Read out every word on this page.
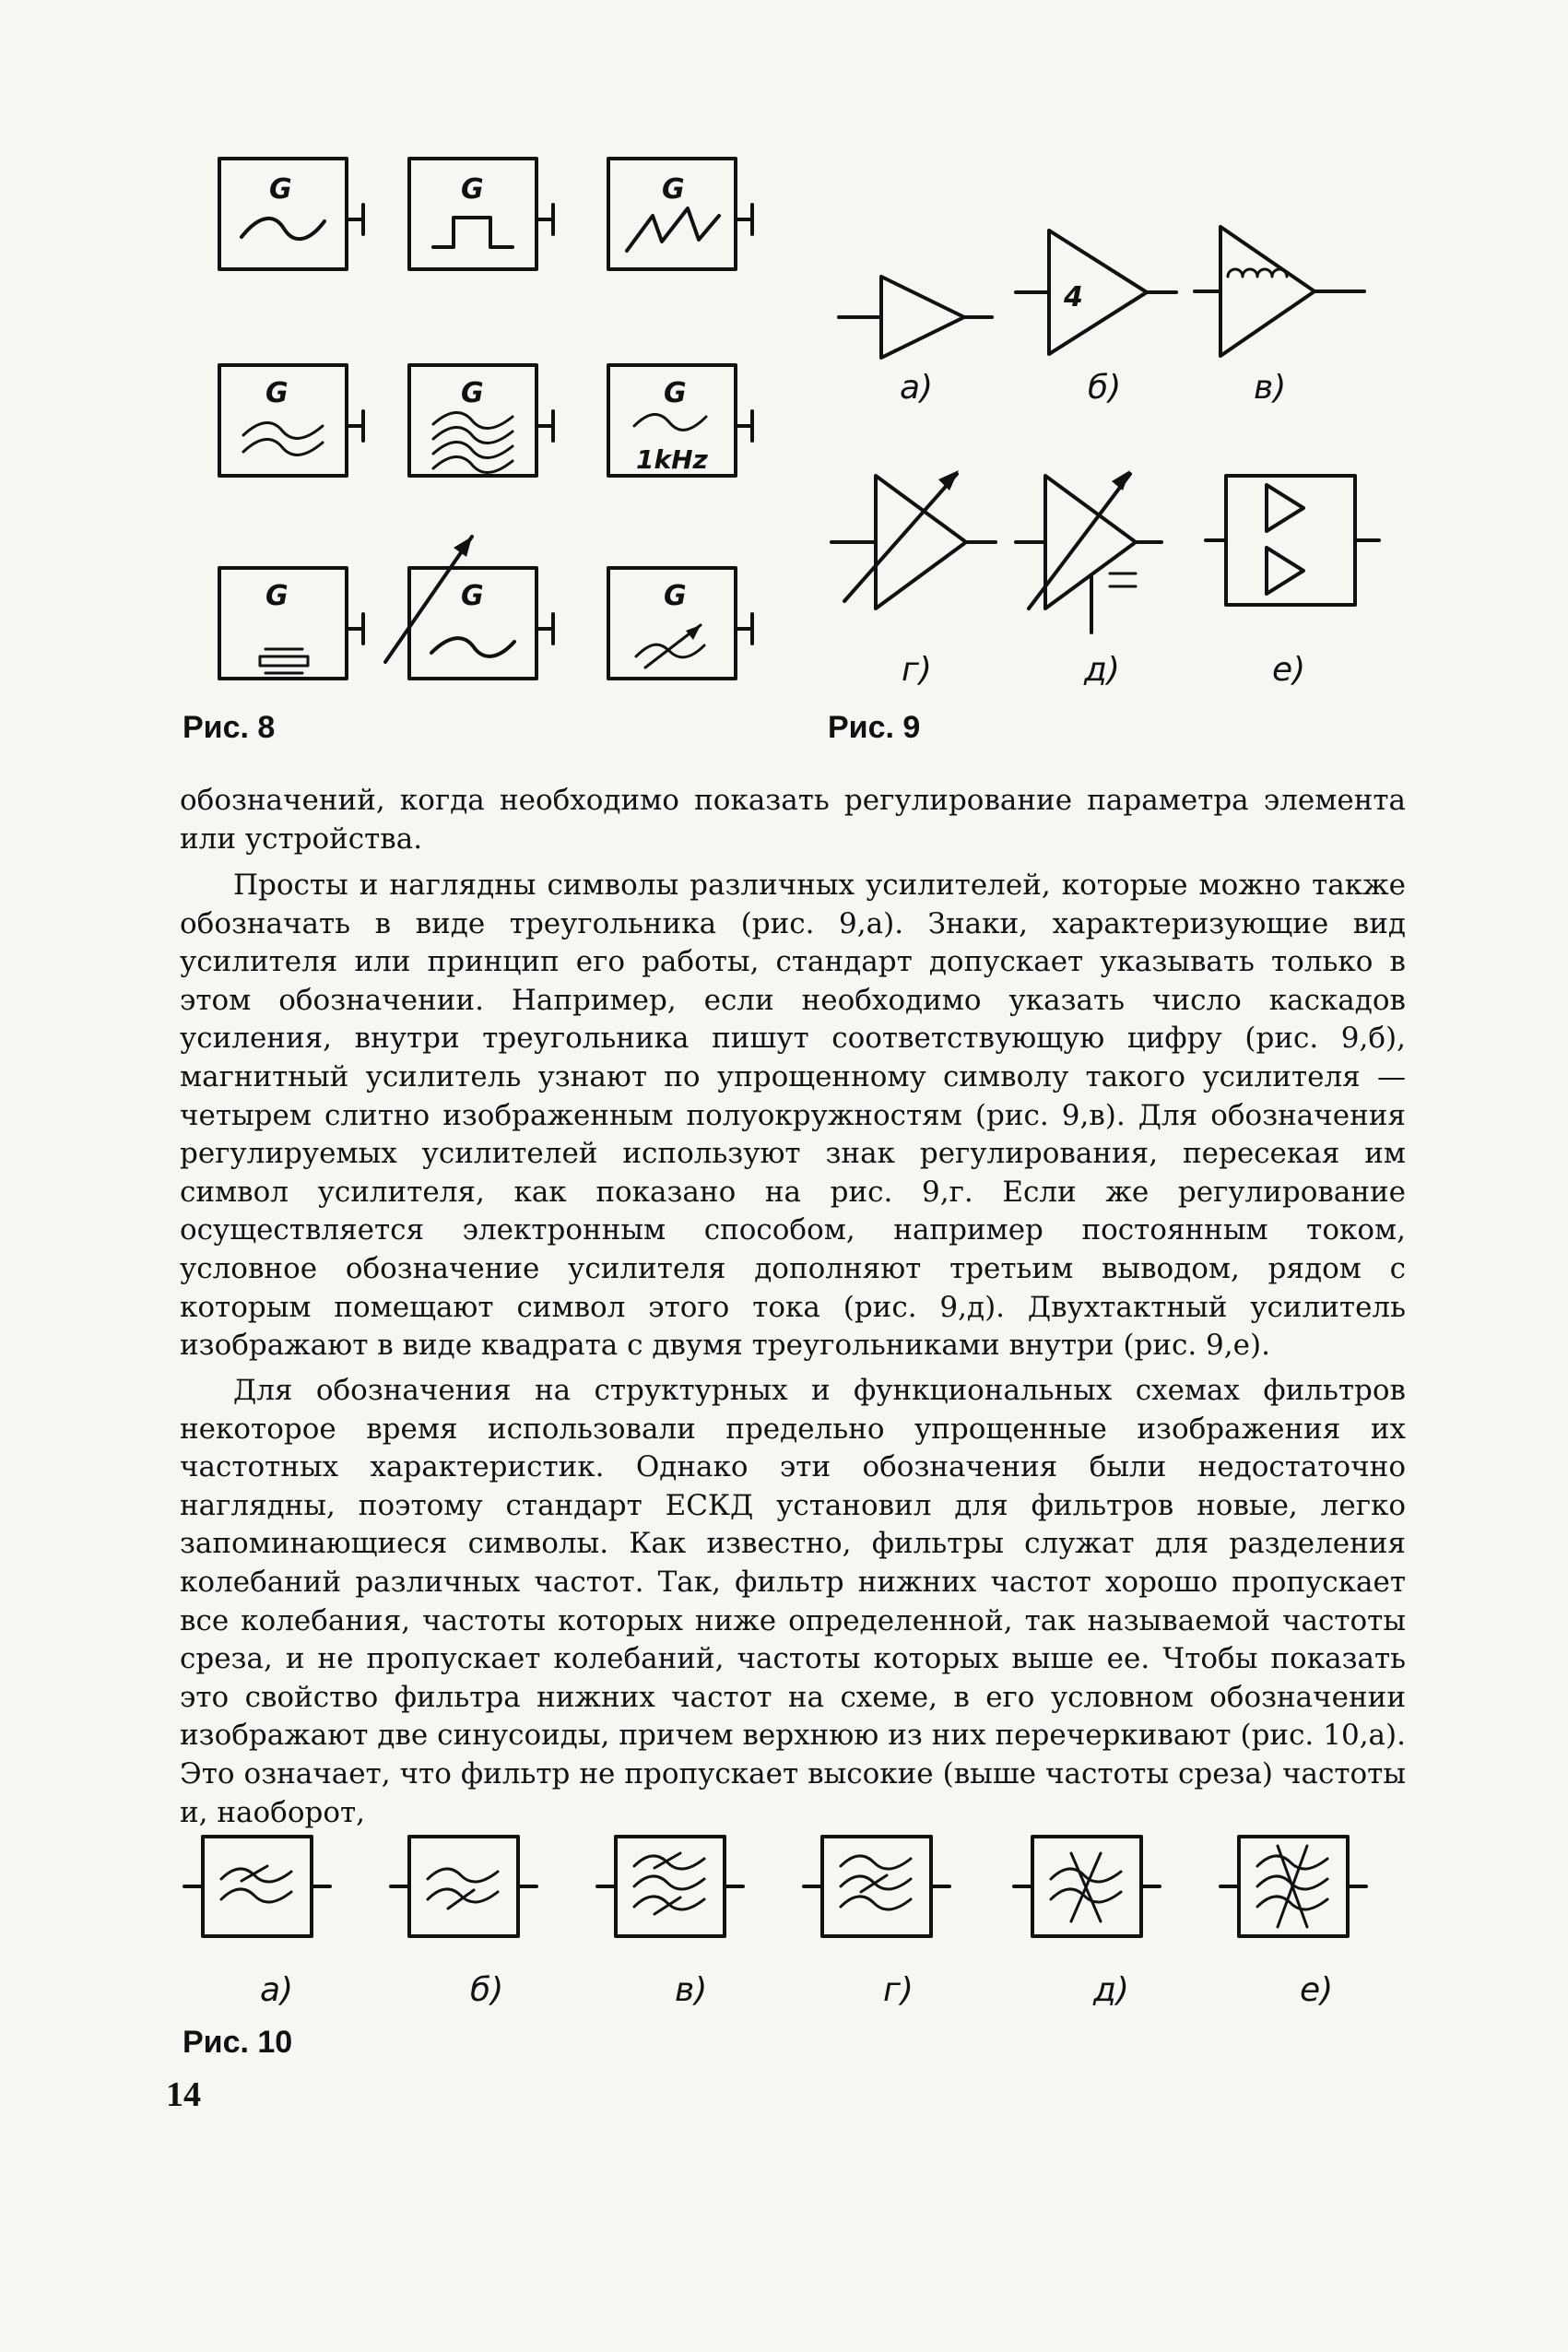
G	G	G
G	G	G
1kHz
G	G	G
Рис. 8
4
а)	б)	в)
г)	д)	е)
Рис. 9

обозначений, когда необходимо показать регулирование параметра элемента или устройства.

Просты и наглядны символы различных усилителей, которые можно также обозначать в виде треугольника (рис. 9,а). Знаки, характеризующие вид усилителя или принцип его работы, стандарт допускает указывать только в этом обозначении. Например, если необходимо указать число каскадов усиления, внутри треугольника пишут соответствующую цифру (рис. 9,б), магнитный усилитель узнают по упрощенному символу такого усилителя — четырем слитно изображенным полуокружностям (рис. 9,в). Для обозначения регулируемых усилителей используют знак регулирования, пересекая им символ усилителя, как показано на рис. 9,г. Если же регулирование осуществляется электронным способом, например постоянным током, условное обозначение усилителя дополняют третьим выводом, рядом с которым помещают символ этого тока (рис. 9,д). Двухтактный усилитель изображают в виде квадрата с двумя треугольниками внутри (рис. 9,е).

Для обозначения на структурных и функциональных схемах фильтров некоторое время использовали предельно упрощенные изображения их частотных характеристик. Однако эти обозначения были недостаточно наглядны, поэтому стандарт ЕСКД установил для фильтров новые, легко запоминающиеся символы. Как известно, фильтры служат для разделения колебаний различных частот. Так, фильтр нижних частот хорошо пропускает все колебания, частоты которых ниже определенной, так называемой частоты среза, и не пропускает колебаний, частоты которых выше ее. Чтобы показать это свойство фильтра нижних частот на схеме, в его условном обозначении изображают две синусоиды, причем верхнюю из них перечеркивают (рис. 10,а). Это означает, что фильтр не пропускает высокие (выше частоты среза) частоты и, наоборот,

а)	б)	в)	г)	д)	е)
Рис. 10
14
